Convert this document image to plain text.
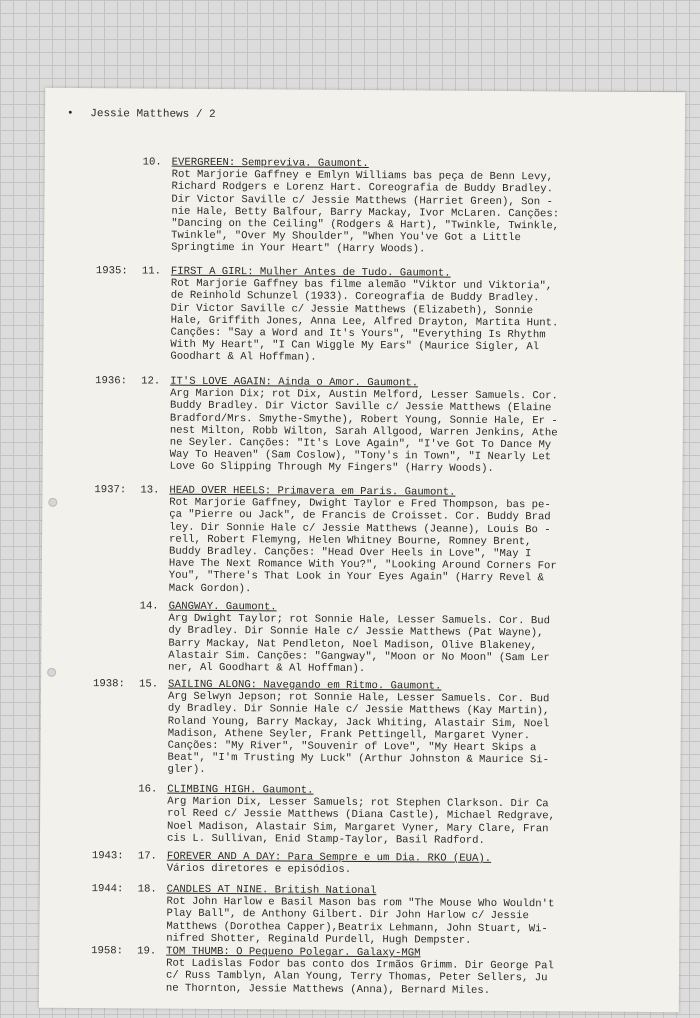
• Jessie Matthews / 2
10. EVERGREEN: Sempreviva. Gaumont.
Rot Marjorie Gaffney e Emlyn Williams bas peça de Benn Levy,
Richard Rodgers e Lorenz Hart. Coreografia de Buddy Bradley.
Dir Victor Saville c/ Jessie Matthews (Harriet Green), Son -
nie Hale, Betty Balfour, Barry Mackay, Ivor McLaren. Canções:
"Dancing on the Ceiling" (Rodgers & Hart), "Twinkle, Twinkle,
Twinkle", "Over My Shoulder", "When You've Got a Little
Springtime in Your Heart" (Harry Woods).
1935:	11. FIRST A GIRL: Mulher Antes de Tudo. Gaumont.
Rot Marjorie Gaffney bas filme alemão "Viktor und Viktoria",
de Reinhold Schunzel (1933). Coreografia de Buddy Bradley.
Dir Victor Saville c/ Jessie Matthews (Elizabeth), Sonnie
Hale, Griffith Jones, Anna Lee, Alfred Drayton, Martita Hunt.
Canções: "Say a Word and It's Yours", "Everything Is Rhythm
With My Heart", "I Can Wiggle My Ears" (Maurice Sigler, Al
Goodhart & Al Hoffman).
1936:	12. IT'S LOVE AGAIN: Ainda o Amor. Gaumont.
Arg Marion Dix; rot Dix, Austin Melford, Lesser Samuels. Cor.
Buddy Bradley. Dir Victor Saville c/ Jessie Matthews (Elaine
Bradford/Mrs. Smythe-Smythe), Robert Young, Sonnie Hale, Er -
nest Milton, Robb Wilton, Sarah Allgood, Warren Jenkins, Athe
ne Seyler. Canções: "It's Love Again", "I've Got To Dance My
Way To Heaven" (Sam Coslow), "Tony's in Town", "I Nearly Let
Love Go Slipping Through My Fingers" (Harry Woods).
1937:	13. HEAD OVER HEELS: Primavera em Paris. Gaumont.
Rot Marjorie Gaffney, Dwight Taylor e Fred Thompson, bas pe-
ça "Pierre ou Jack", de Francis de Croisset. Cor. Buddy Brad
ley. Dir Sonnie Hale c/ Jessie Matthews (Jeanne), Louis Bo -
rell, Robert Flemyng, Helen Whitney Bourne, Romney Brent,
Buddy Bradley. Canções: "Head Over Heels in Love", "May I
Have The Next Romance With You?", "Looking Around Corners For
You", "There's That Look in Your Eyes Again" (Harry Revel &
Mack Gordon).
14. GANGWAY. Gaumont.
Arg Dwight Taylor; rot Sonnie Hale, Lesser Samuels. Cor. Bud
dy Bradley. Dir Sonnie Hale c/ Jessie Matthews (Pat Wayne),
Barry Mackay, Nat Pendleton, Noel Madison, Olive Blakeney,
Alastair Sim. Canções: "Gangway", "Moon or No Moon" (Sam Ler
ner, Al Goodhart & Al Hoffman).
1938:	15. SAILING ALONG: Navegando em Ritmo. Gaumont.
Arg Selwyn Jepson; rot Sonnie Hale, Lesser Samuels. Cor. Bud
dy Bradley. Dir Sonnie Hale c/ Jessie Matthews (Kay Martin),
Roland Young, Barry Mackay, Jack Whiting, Alastair Sim, Noel
Madison, Athene Seyler, Frank Pettingell, Margaret Vyner.
Canções: "My River", "Souvenir of Love", "My Heart Skips a
Beat", "I'm Trusting My Luck" (Arthur Johnston & Maurice Si-
gler).
16. CLIMBING HIGH. Gaumont.
Arg Marion Dix, Lesser Samuels; rot Stephen Clarkson. Dir Ca
rol Reed c/ Jessie Matthews (Diana Castle), Michael Redgrave,
Noel Madison, Alastair Sim, Margaret Vyner, Mary Clare, Fran
cis L. Sullivan, Enid Stamp-Taylor, Basil Radford.
1943:	17. FOREVER AND A DAY: Para Sempre e um Dia. RKO (EUA).
Vários diretores e episódios.
1944:	18. CANDLES AT NINE. British National
Rot John Harlow e Basil Mason bas rom "The Mouse Who Wouldn't
Play Ball", de Anthony Gilbert. Dir John Harlow c/ Jessie
Matthews (Dorothea Capper),Beatrix Lehmann, John Stuart, Wi-
nifred Shotter, Reginald Purdell, Hugh Dempster.
1958:	19. TOM THUMB: O Pequeno Polegar. Galaxy-MGM
Rot Ladislas Fodor bas conto dos Irmãos Grimm. Dir George Pal
c/ Russ Tamblyn, Alan Young, Terry Thomas, Peter Sellers, Ju
ne Thornton, Jessie Matthews (Anna), Bernard Miles.
